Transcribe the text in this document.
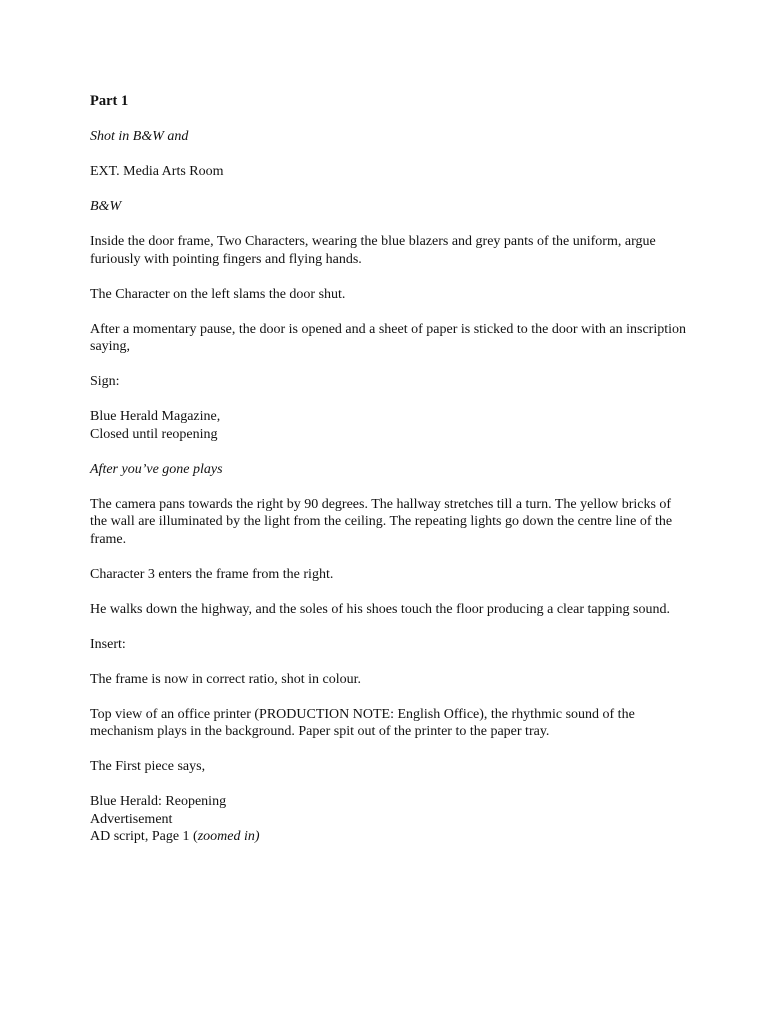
Part 1

Shot in B&W and

EXT. Media Arts Room

B&W

Inside the door frame, Two Characters, wearing the blue blazers and grey pants of the uniform, argue furiously with pointing fingers and flying hands.

The Character on the left slams the door shut.

After a momentary pause, the door is opened and a sheet of paper is sticked to the door with an inscription saying,

Sign:

Blue Herald Magazine,
Closed until reopening

After you’ve gone plays

The camera pans towards the right by 90 degrees. The hallway stretches till a turn. The yellow bricks of the wall are illuminated by the light from the ceiling. The repeating lights go down the centre line of the frame.

Character 3 enters the frame from the right.

He walks down the highway, and the soles of his shoes touch the floor producing a clear tapping sound.

Insert:

The frame is now in correct ratio, shot in colour.

Top view of an office printer (PRODUCTION NOTE: English Office), the rhythmic sound of the mechanism plays in the background. Paper spit out of the printer to the paper tray.

The First piece says,

Blue Herald: Reopening
Advertisement
AD script, Page 1 (zoomed in)
